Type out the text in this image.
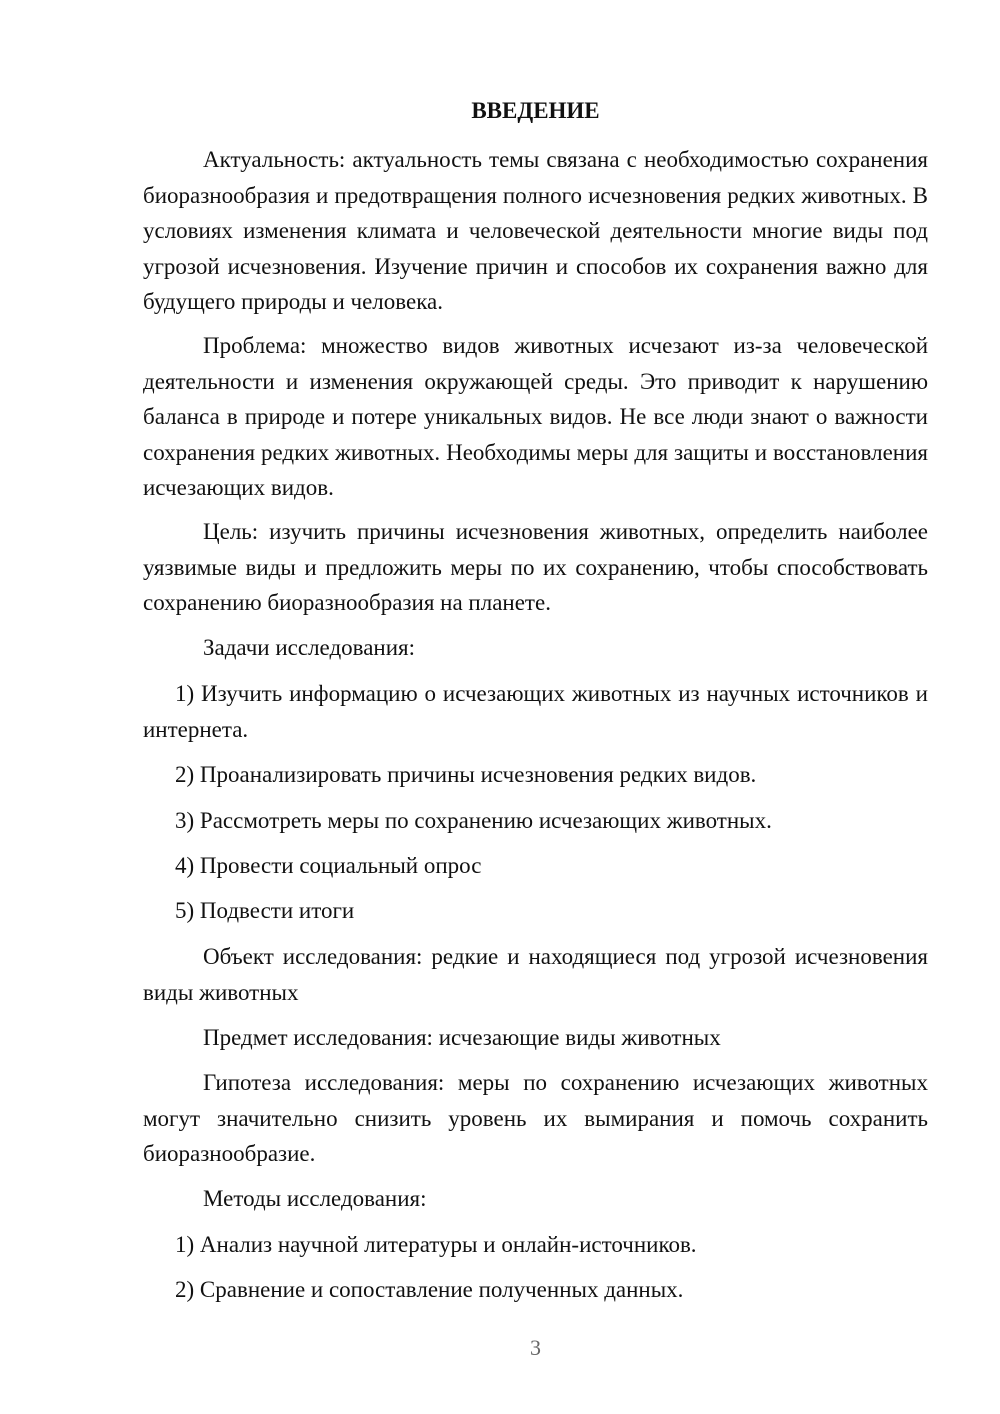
ВВЕДЕНИЕ

Актуальность: актуальность темы связана с необходимостью сохранения биоразнообразия и предотвращения полного исчезновения редких животных. В условиях изменения климата и человеческой деятельности многие виды под угрозой исчезновения. Изучение причин и способов их сохранения важно для будущего природы и человека.

Проблема: множество видов животных исчезают из-за человеческой деятельности и изменения окружающей среды. Это приводит к нарушению баланса в природе и потере уникальных видов. Не все люди знают о важности сохранения редких животных. Необходимы меры для защиты и восстановления исчезающих видов.

Цель: изучить причины исчезновения животных, определить наиболее уязвимые виды и предложить меры по их сохранению, чтобы способствовать сохранению биоразнообразия на планете.

Задачи исследования:

1) Изучить информацию о исчезающих животных из научных источников и интернета.

2) Проанализировать причины исчезновения редких видов.

3) Рассмотреть меры по сохранению исчезающих животных.

4) Провести социальный опрос

5) Подвести итоги

Объект исследования: редкие и находящиеся под угрозой исчезновения виды животных

Предмет исследования: исчезающие виды животных

Гипотеза исследования: меры по сохранению исчезающих животных могут значительно снизить уровень их вымирания и помочь сохранить биоразнообразие.

Методы исследования:

1) Анализ научной литературы и онлайн-источников.

2) Сравнение и сопоставление полученных данных.

3
